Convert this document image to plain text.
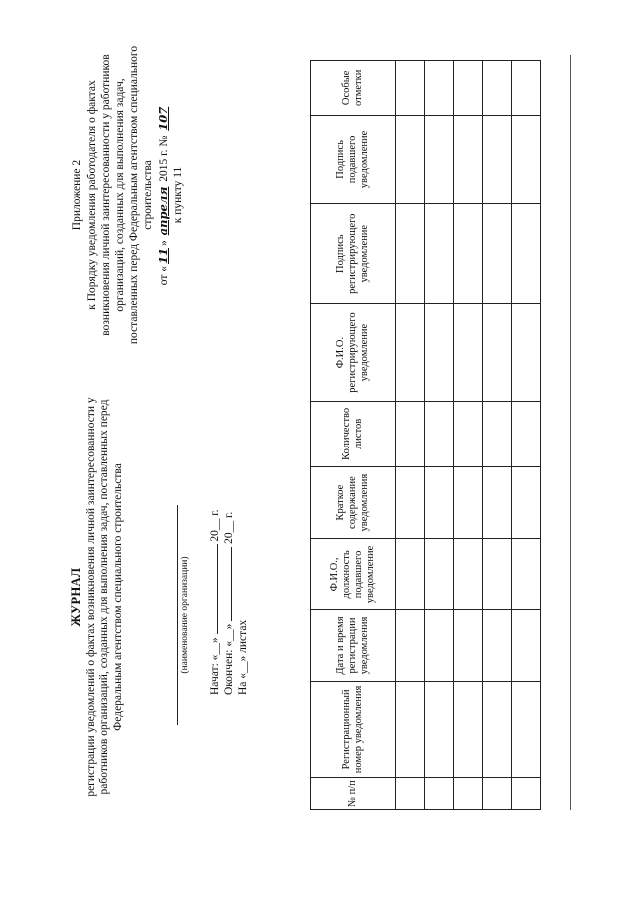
Приложение 2 к Порядку уведомления работодателя о фактах возникновения личной заинтересованности у работников организаций, созданных для выполнения задач, поставленных перед Федеральным агентством специального строительства
от «11» апреля 2015 г. № 107
к пункту 11
ЖУРНАЛ регистрации уведомлений о фактах возникновения личной заинтересованности у работников организаций, созданных для выполнения задач, поставленных перед Федеральным агентством специального строительства	(наименование организации) Начат: «__»  20__ г.
Окончен: «__»  20__ г.
На «__» листах
№ п/п	Регистрационный номер уведомления	Дата и время регистрации уведомления	Ф.И.О., должность подавшего уведомление	Краткое содержание уведомления	Количество листов	Ф.И.О. регистрирующего уведомление	Подпись регистрирующего уведомление	Подпись подавшего уведомление	Особые отметки
